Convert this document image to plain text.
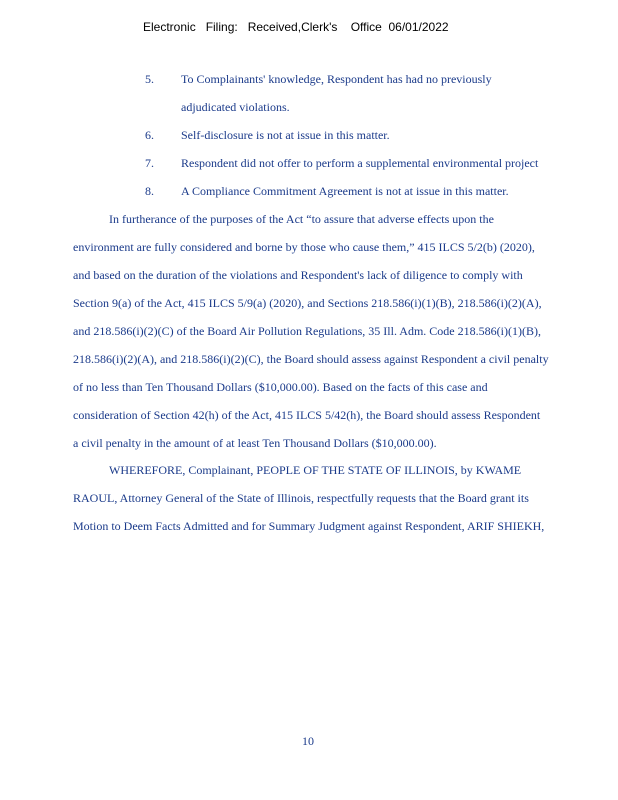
Electronic   Filing:   Received,Clerk's    Office  06/01/2022
5. To Complainants' knowledge, Respondent has had no previously
adjudicated violations.
6. Self-disclosure is not at issue in this matter.
7. Respondent did not offer to perform a supplemental environmental project
8. A Compliance Commitment Agreement is not at issue in this matter.
In furtherance of the purposes of the Act “to assure that adverse effects upon the
environment are fully considered and borne by those who cause them,” 415 ILCS 5/2(b) (2020),
and based on the duration of the violations and Respondent's lack of diligence to comply with
Section 9(a) of the Act, 415 ILCS 5/9(a) (2020), and Sections 218.586(i)(1)(B), 218.586(i)(2)(A),
and 218.586(i)(2)(C) of the Board Air Pollution Regulations, 35 Ill. Adm. Code 218.586(i)(1)(B),
218.586(i)(2)(A), and 218.586(i)(2)(C), the Board should assess against Respondent a civil penalty
of no less than Ten Thousand Dollars ($10,000.00). Based on the facts of this case and
consideration of Section 42(h) of the Act, 415 ILCS 5/42(h), the Board should assess Respondent
a civil penalty in the amount of at least Ten Thousand Dollars ($10,000.00).
WHEREFORE, Complainant, PEOPLE OF THE STATE OF ILLINOIS, by KWAME
RAOUL, Attorney General of the State of Illinois, respectfully requests that the Board grant its
Motion to Deem Facts Admitted and for Summary Judgment against Respondent, ARIF SHIEKH,
10
